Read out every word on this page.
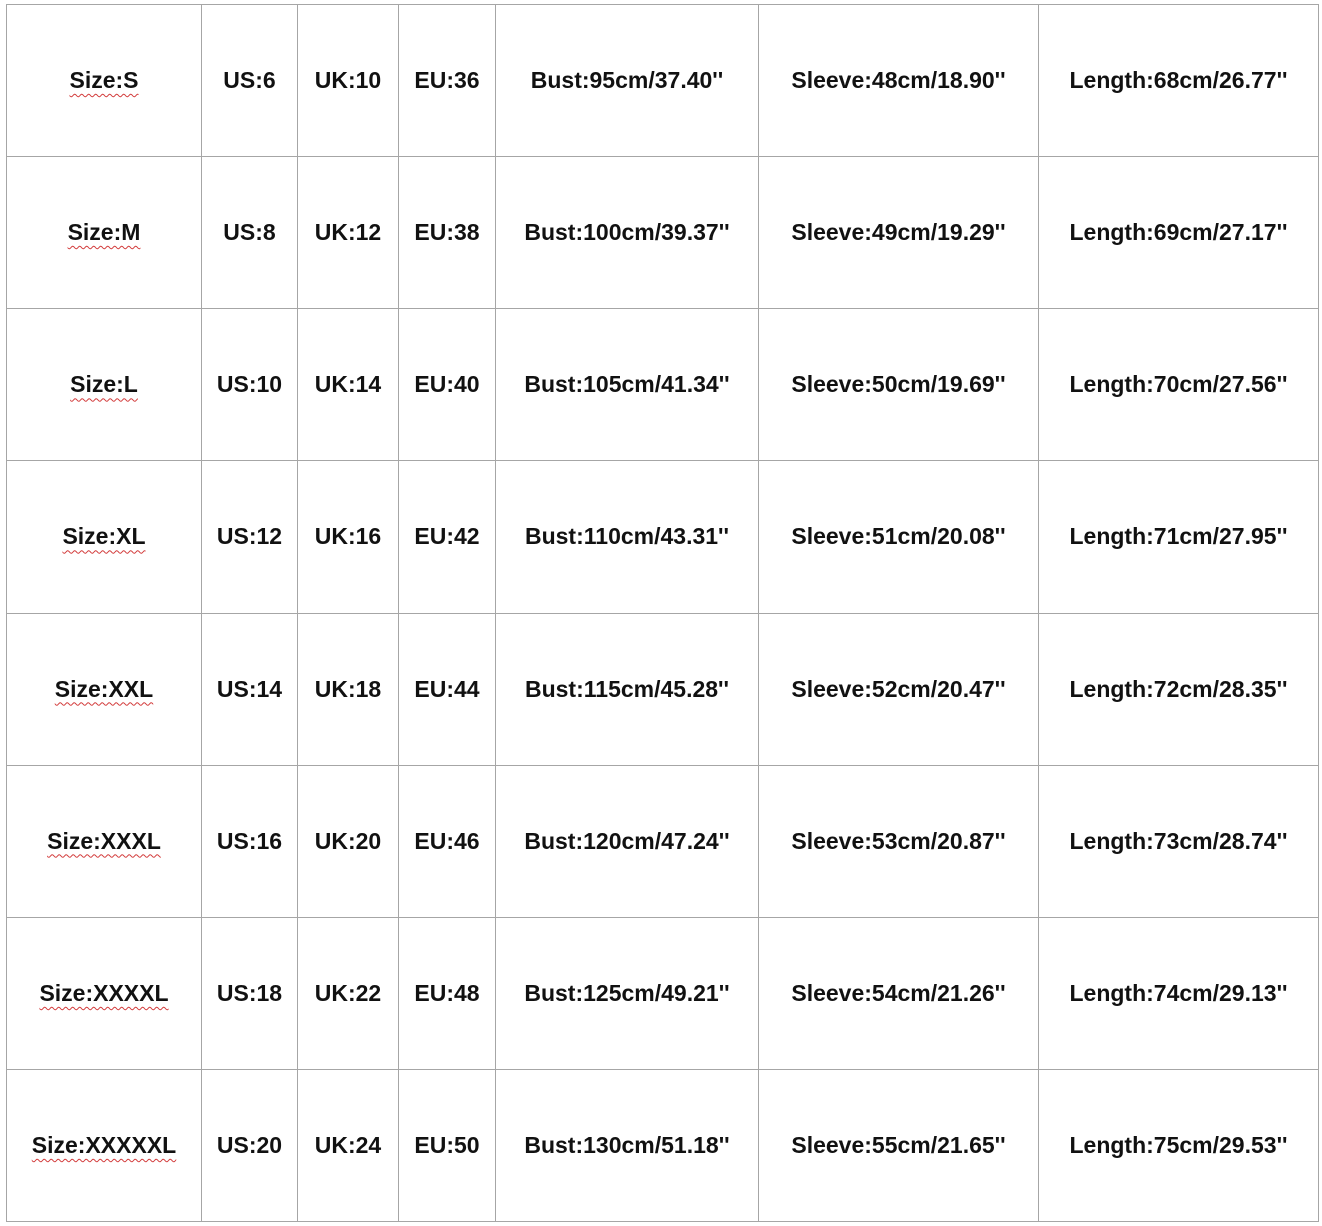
Size:S	US:6	UK:10	EU:36	Bust:95cm/37.40''	Sleeve:48cm/18.90''	Length:68cm/26.77''
Size:M	US:8	UK:12	EU:38	Bust:100cm/39.37''	Sleeve:49cm/19.29''	Length:69cm/27.17''
Size:L	US:10	UK:14	EU:40	Bust:105cm/41.34''	Sleeve:50cm/19.69''	Length:70cm/27.56''
Size:XL	US:12	UK:16	EU:42	Bust:110cm/43.31''	Sleeve:51cm/20.08''	Length:71cm/27.95''
Size:XXL	US:14	UK:18	EU:44	Bust:115cm/45.28''	Sleeve:52cm/20.47''	Length:72cm/28.35''
Size:XXXL	US:16	UK:20	EU:46	Bust:120cm/47.24''	Sleeve:53cm/20.87''	Length:73cm/28.74''
Size:XXXXL	US:18	UK:22	EU:48	Bust:125cm/49.21''	Sleeve:54cm/21.26''	Length:74cm/29.13''
Size:XXXXXL	US:20	UK:24	EU:50	Bust:130cm/51.18''	Sleeve:55cm/21.65''	Length:75cm/29.53''
